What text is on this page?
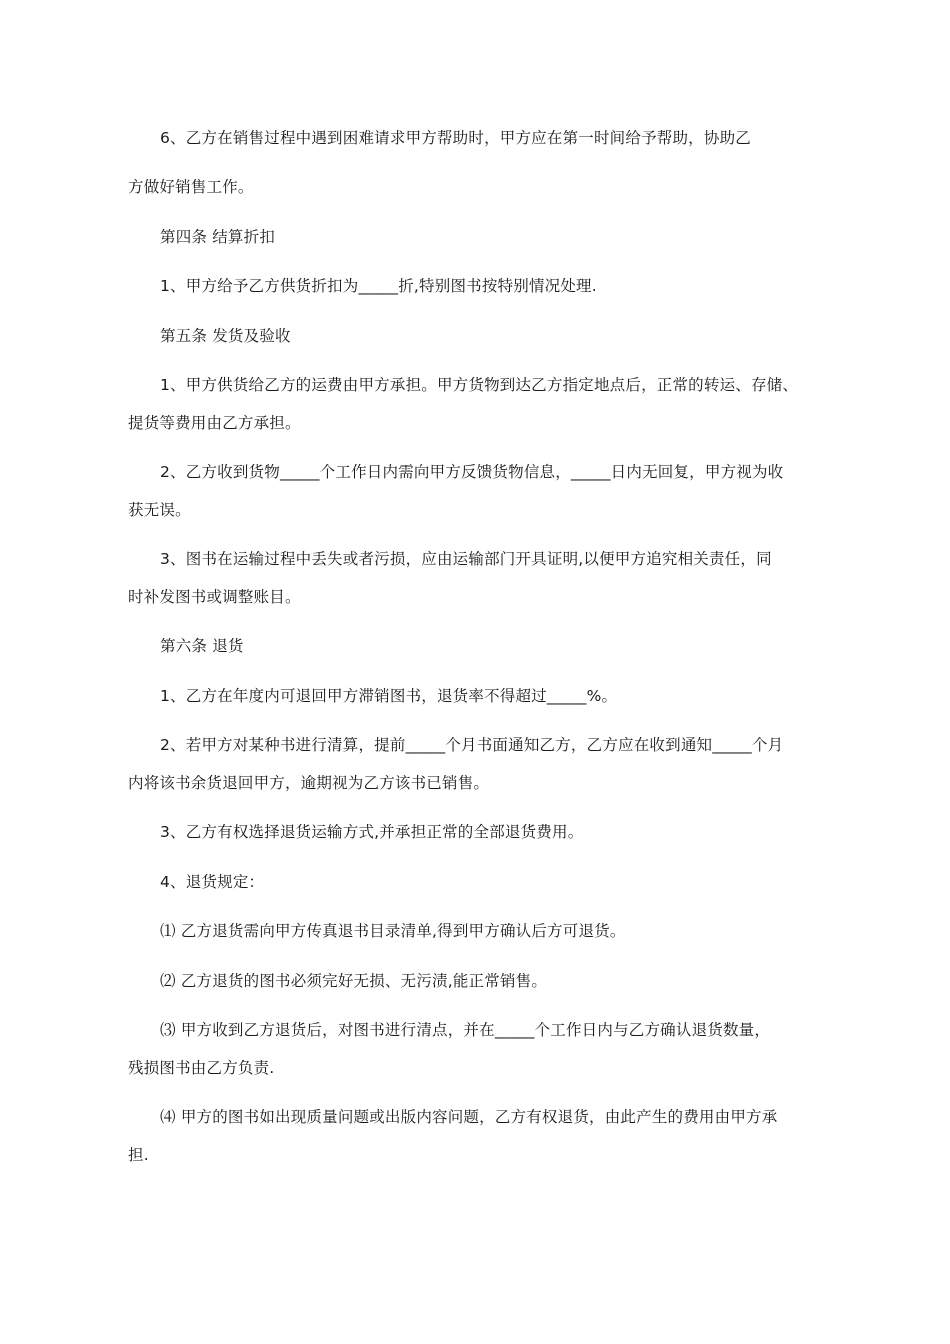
6、乙方在销售过程中遇到困难请求甲方帮助时，甲方应在第一时间给予帮助，协助乙

方做好销售工作。

第四条 结算折扣

1、甲方给予乙方供货折扣为_____折,特别图书按特别情况处理.

第五条 发货及验收

1、甲方供货给乙方的运费由甲方承担。甲方货物到达乙方指定地点后，正常的转运、存储、

提货等费用由乙方承担。

2、乙方收到货物_____个工作日内需向甲方反馈货物信息，_____日内无回复，甲方视为收

获无误。

3、图书在运输过程中丢失或者污损，应由运输部门开具证明,以便甲方追究相关责任，同

时补发图书或调整账目。

第六条 退货

1、乙方在年度内可退回甲方滞销图书，退货率不得超过_____%。

2、若甲方对某种书进行清算，提前_____个月书面通知乙方，乙方应在收到通知_____个月

内将该书余货退回甲方，逾期视为乙方该书已销售。

3、乙方有权选择退货运输方式,并承担正常的全部退货费用。

4、退货规定：

⑴ 乙方退货需向甲方传真退书目录清单,得到甲方确认后方可退货。

⑵ 乙方退货的图书必须完好无损、无污渍,能正常销售。

⑶ 甲方收到乙方退货后，对图书进行清点，并在_____个工作日内与乙方确认退货数量，

残损图书由乙方负责.

⑷ 甲方的图书如出现质量问题或出版内容问题，乙方有权退货，由此产生的费用由甲方承

担.
